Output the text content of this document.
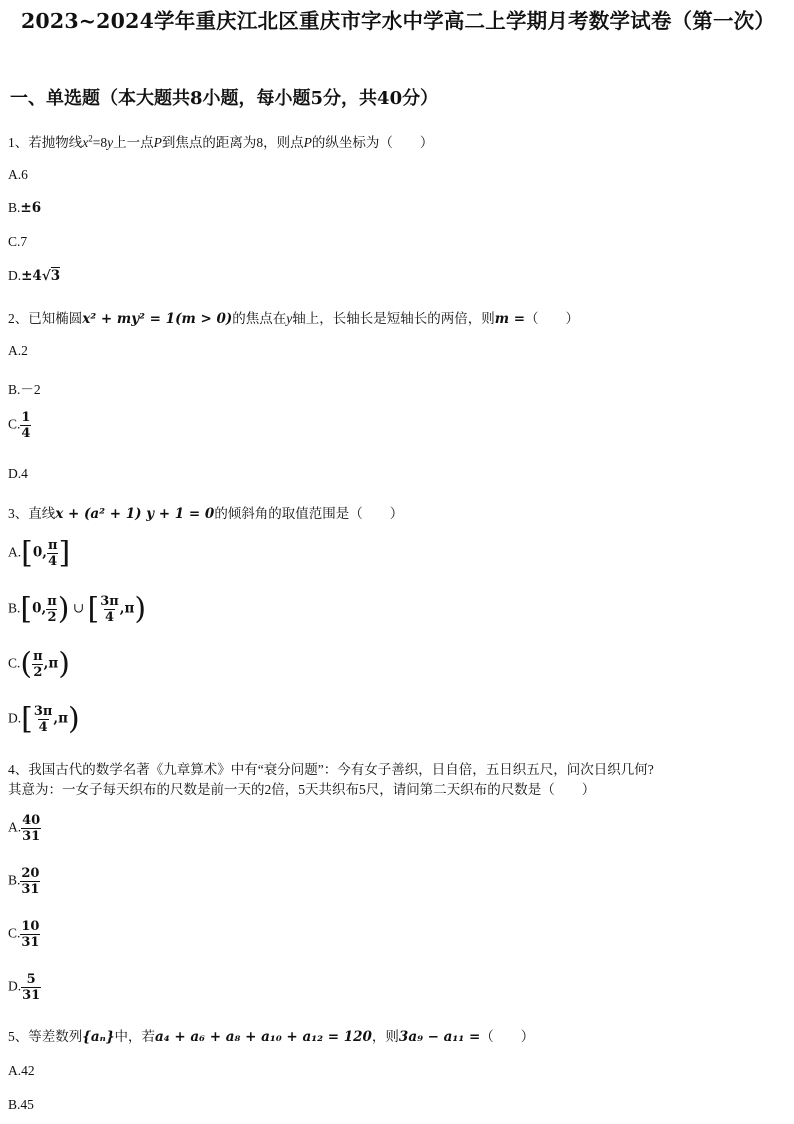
2023~2024学年重庆江北区重庆市字水中学高二上学期月考数学试卷（第一次）
一、单选题（本大题共8小题，每小题5分，共40分）
1、若抛物线$x^2=8y$上一点P到焦点的距离为8，则点P的纵坐标为（　　）
A.6
B.±6
C.7
D.±4√3
2、已知椭圆x² + my² = 1(m > 0)的焦点在y轴上，长轴长是短轴长的两倍，则m =（　　）
A.2
B.－2
C. $\frac{1}{4}$
D.4
3、直线x + (a² + 1) y + 1 = 0的倾斜角的取值范围是（　　）
A.[0, $\frac{\pi}{4}$ ]
B.[0, $\frac{\pi}{2}$ ) ∪ [ $\frac{3\pi}{4} ,\pi$)
$C.( \frac{\pi}{2} ,\pi)$
$D.[ \frac{3\pi}{4} ,\pi)$
4、我国古代的数学名著《九章算术》中有“衰分问题”：今有女子善织，日自倍，五日织五尺，问次日织几何?
其意为：一女子每天织布的尺数是前一天的2倍，5天共织布5尺，请问第二天织布的尺数是（　　）
A. $\frac{40}{31}$
B. $\frac{20}{31}$
C. $\frac{10}{31}$
D. $\frac{5}{31}$
5、等差数列{aₙ}中，若a₄ + a₆ + a₈ + a₁₀ + a₁₂ = 120，则3a₉ − a₁₁ =（　　）
A.42
B.45
